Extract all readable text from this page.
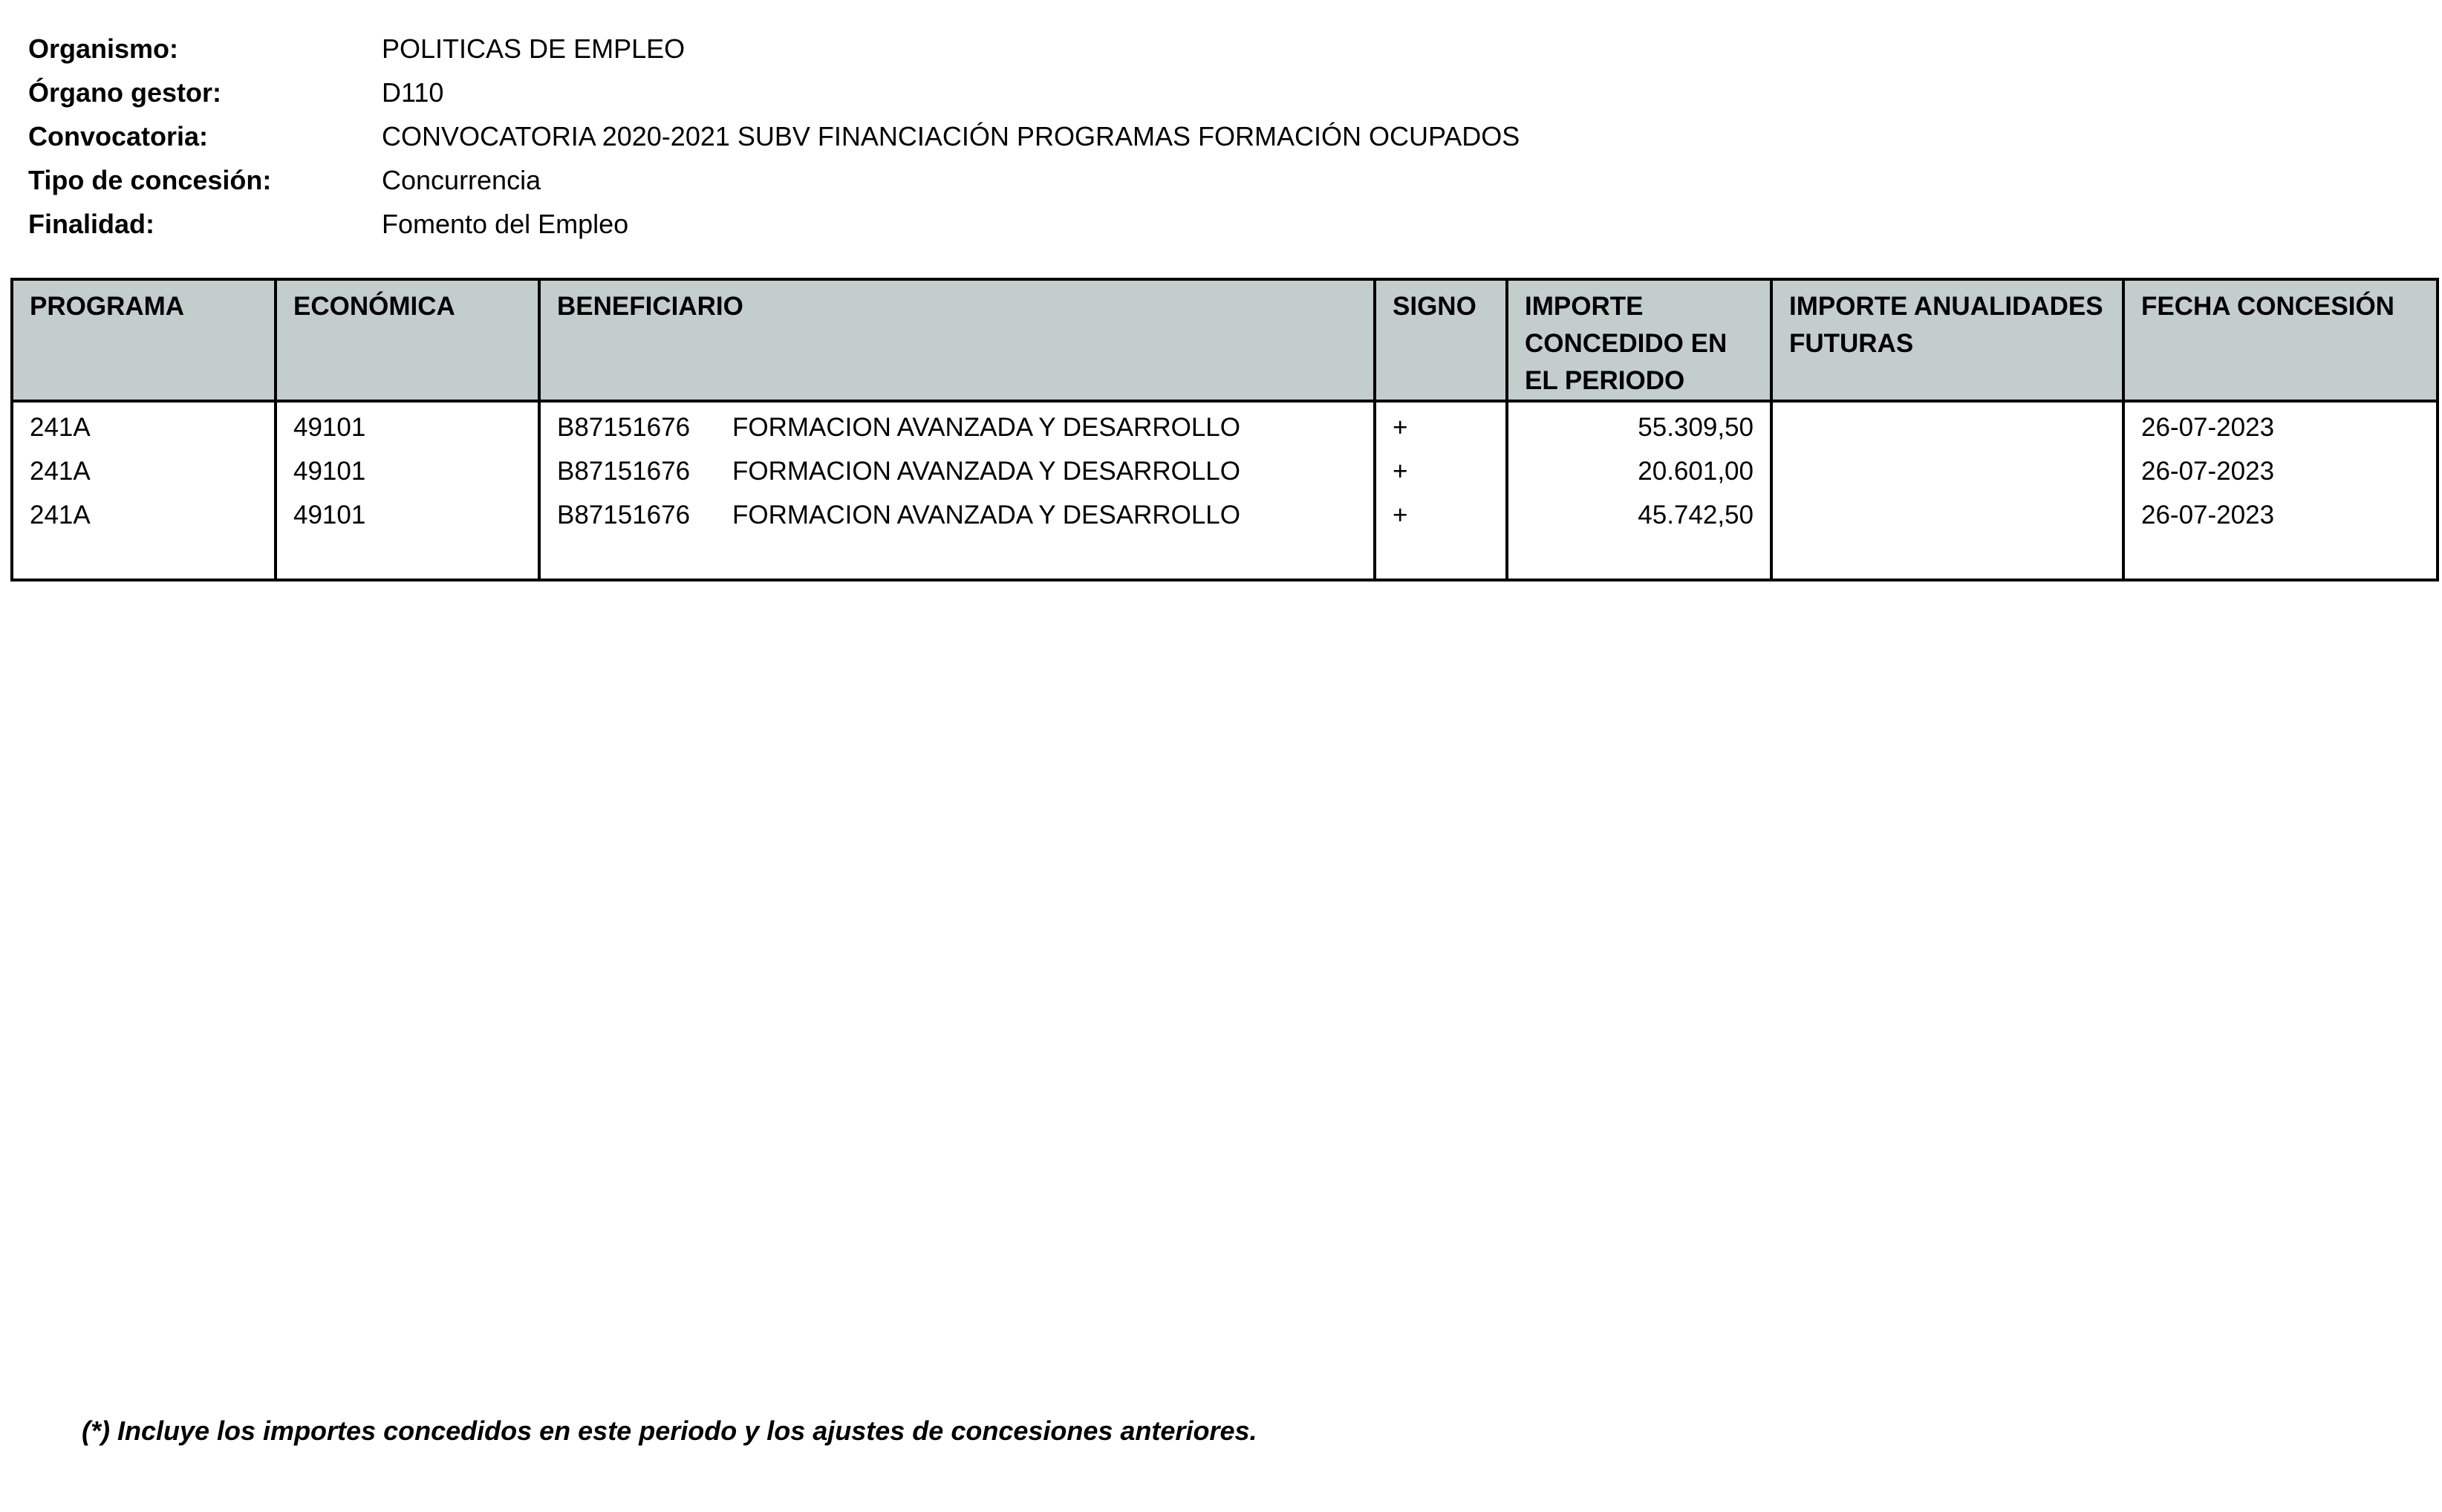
Organismo:	POLITICAS DE EMPLEO
Órgano gestor:	D110
Convocatoria:	CONVOCATORIA 2020-2021 SUBV FINANCIACIÓN PROGRAMAS FORMACIÓN OCUPADOS
Tipo de concesión:	Concurrencia
Finalidad:	Fomento del Empleo
PROGRAMA	ECONÓMICA	BENEFICIARIO	SIGNO	IMPORTE CONCEDIDO EN EL PERIODO	IMPORTE ANUALIDADES FUTURAS	FECHA CONCESIÓN
241A	49101	B87151676 FORMACION AVANZADA Y DESARROLLO	+	55.309,50		26-07-2023
241A	49101	B87151676 FORMACION AVANZADA Y DESARROLLO	+	20.601,00		26-07-2023
241A	49101	B87151676 FORMACION AVANZADA Y DESARROLLO	+	45.742,50		26-07-2023

(*) Incluye los importes concedidos en este periodo y los ajustes de concesiones anteriores.
